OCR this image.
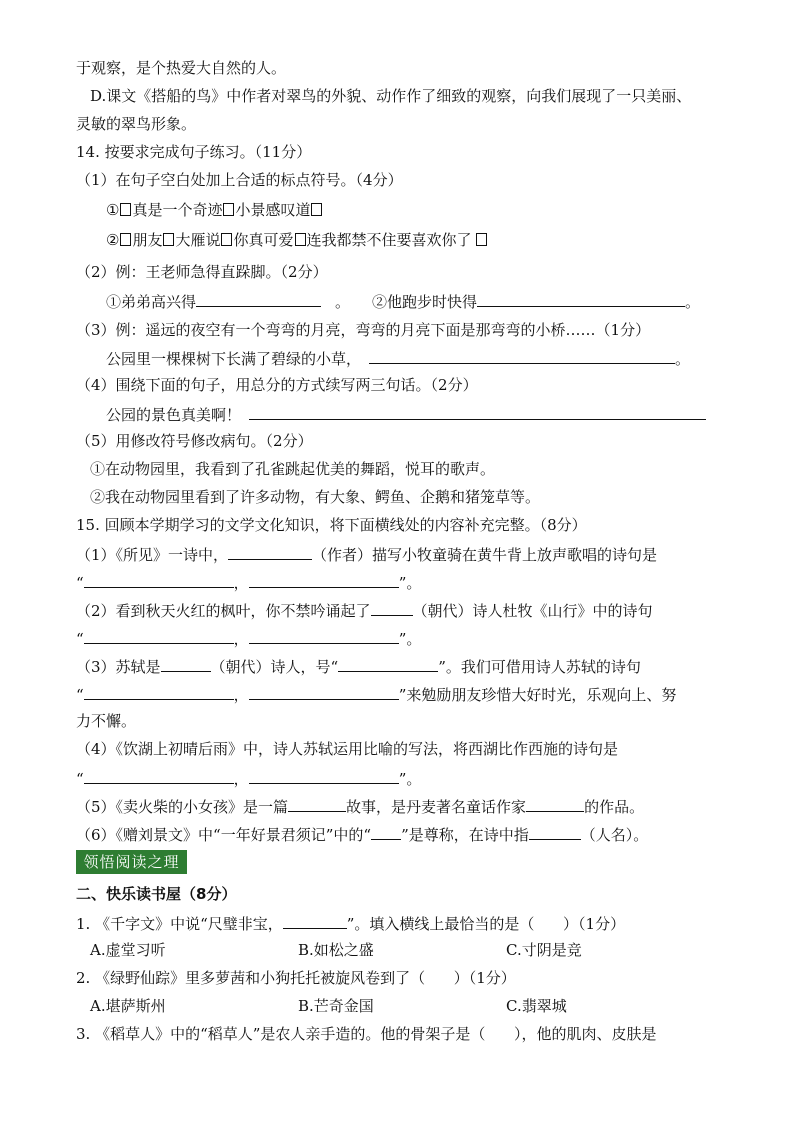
于观察，是个热爱大自然的人。
D.课文《搭船的鸟》中作者对翠鸟的外貌、动作作了细致的观察，向我们展现了一只美丽、
灵敏的翠鸟形象。
14. 按要求完成句子练习。（11分）
（1）在句子空白处加上合适的标点符号。（4分）
① 真是一个奇迹 小景感叹道
② 朋友 大雁说 你真可爱 连我都禁不住要喜欢你了
（2）例：王老师急得直跺脚。（2分）
①弟弟高兴得	。 ②他跑步时快得	。
（3）例：遥远的夜空有一个弯弯的月亮，弯弯的月亮下面是那弯弯的小桥……（1分）
公园里一棵棵树下长满了碧绿的小草，	。
（4）围绕下面的句子，用总分的方式续写两三句话。（2分）
公园的景色真美啊！
（5）用修改符号修改病句。（2分）
①在动物园里，我看到了孔雀跳起优美的舞蹈，悦耳的歌声。
②我在动物园里看到了许多动物，有大象、鳄鱼、企鹅和猪笼草等。
15. 回顾本学期学习的文学文化知识，将下面横线处的内容补充完整。（8分）
（1）《所见》一诗中，	（作者）描写小牧童骑在黄牛背上放声歌唱的诗句是
“	，	”。
（2）看到秋天火红的枫叶，你不禁吟诵起了	（朝代）诗人杜牧《山行》中的诗句
“	，	”。
（3）苏轼是	（朝代）诗人，号“	”。我们可借用诗人苏轼的诗句
“	，	”来勉励朋友珍惜大好时光，乐观向上、努
力不懈。
（4）《饮湖上初晴后雨》中，诗人苏轼运用比喻的写法，将西湖比作西施的诗句是
“	，	”。
（5）《卖火柴的小女孩》是一篇	故事，是丹麦著名童话作家	的作品。
（6）《赠刘景文》中“一年好景君须记”中的“ ”是尊称，在诗中指	（人名）。
领悟阅读之理
二、快乐读书屋（8分）
1. 《千字文》中说“尺璧非宝，	”。填入横线上最恰当的是（      ）（1分）
A.虚堂习听	B.如松之盛	C.寸阴是竞
2. 《绿野仙踪》里多萝茜和小狗托托被旋风卷到了（      ）（1分）
A.堪萨斯州	B.芒奇金国	C.翡翠城
3. 《稻草人》中的“稻草人”是农人亲手造的。他的骨架子是（      ），他的肌肉、皮肤是
